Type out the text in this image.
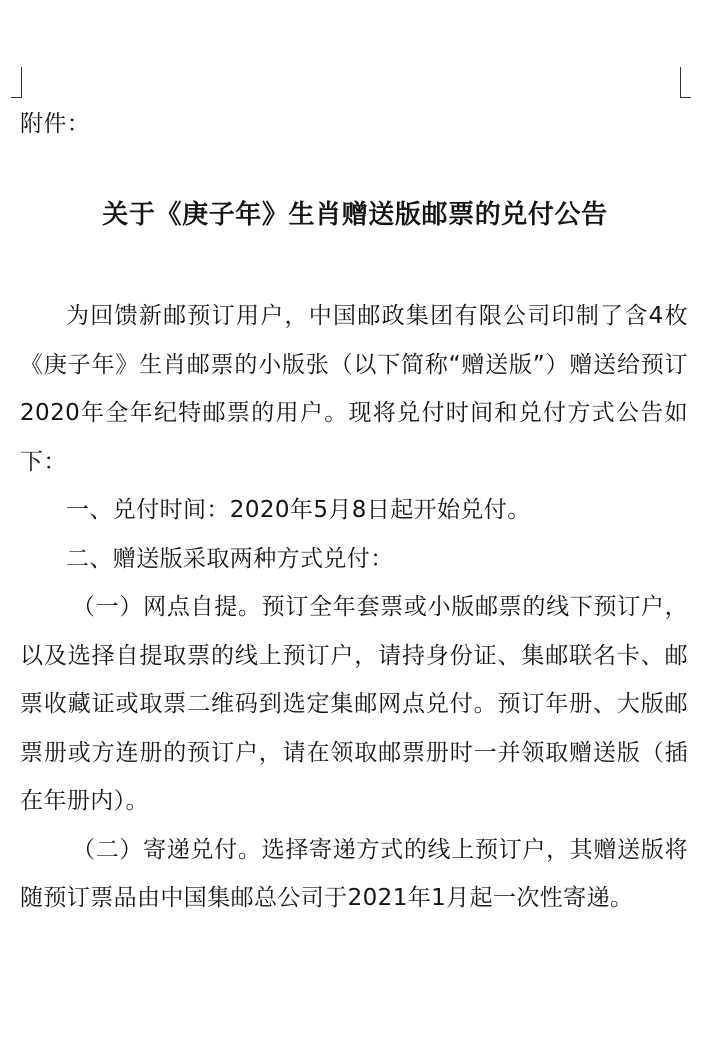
附件：
关于《庚子年》生肖赠送版邮票的兑付公告

为回馈新邮预订用户，中国邮政集团有限公司印制了含4枚《庚子年》生肖邮票的小版张（以下简称“赠送版”）赠送给预订2020年全年纪特邮票的用户。现将兑付时间和兑付方式公告如下：

一、兑付时间：2020年5月8日起开始兑付。

二、赠送版采取两种方式兑付：

（一）网点自提。预订全年套票或小版邮票的线下预订户，以及选择自提取票的线上预订户，请持身份证、集邮联名卡、邮票收藏证或取票二维码到选定集邮网点兑付。预订年册、大版邮票册或方连册的预订户，请在领取邮票册时一并领取赠送版（插在年册内）。

（二）寄递兑付。选择寄递方式的线上预订户，其赠送版将随预订票品由中国集邮总公司于2021年1月起一次性寄递。
